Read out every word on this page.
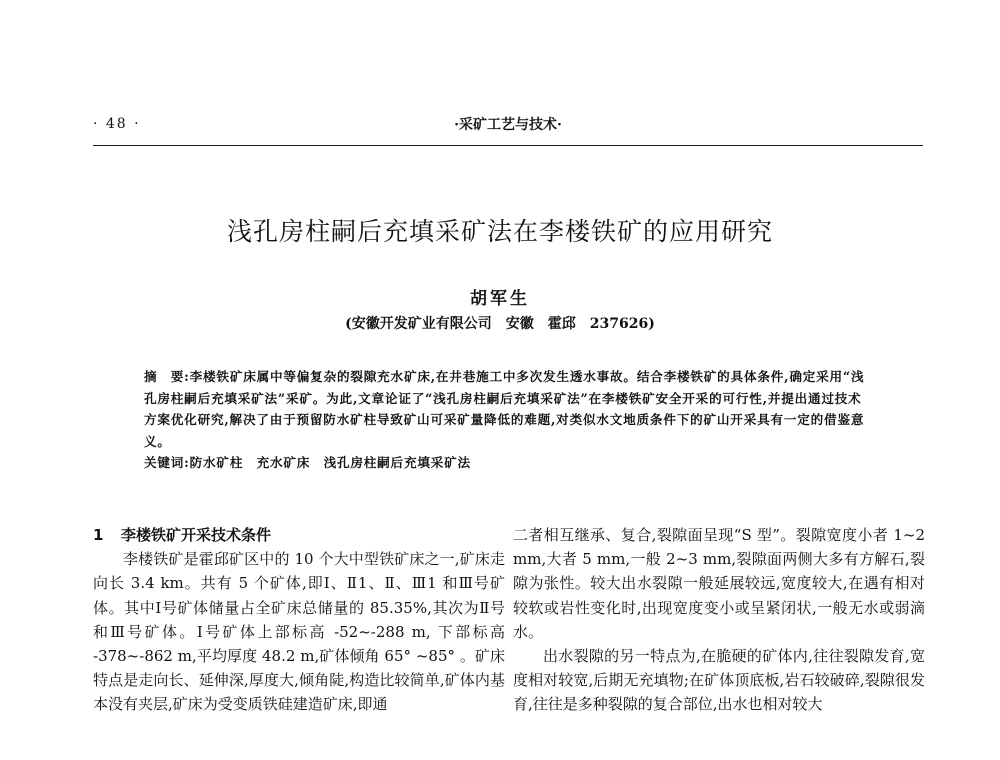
· 48 ·	·采矿工艺与技术·
浅孔房柱嗣后充填采矿法在李楼铁矿的应用研究
胡军生
(安徽开发矿业有限公司　安徽　霍邱　237626)
摘　要:李楼铁矿床属中等偏复杂的裂隙充水矿床,在井巷施工中多次发生透水事故。结合李楼铁矿的具体条件,确定采用“浅孔房柱嗣后充填采矿法”采矿。为此,文章论证了“浅孔房柱嗣后充填采矿法”在李楼铁矿安全开采的可行性,并提出通过技术方案优化研究,解决了由于预留防水矿柱导致矿山可采矿量降低的难题,对类似水文地质条件下的矿山开采具有一定的借鉴意义。
关键词:防水矿柱　充水矿床　浅孔房柱嗣后充填采矿法
1 李楼铁矿开采技术条件

李楼铁矿是霍邱矿区中的 10 个大中型铁矿床之一,矿床走向长 3.4 km。共有 5 个矿体,即Ⅰ、Ⅱ1、Ⅱ、Ⅲ1 和Ⅲ号矿体。其中Ⅰ号矿体储量占全矿床总储量的 85.35%,其次为Ⅱ号和Ⅲ号矿体。Ⅰ号矿体上部标高 -52~-288 m, 下部标高 -378~-862 m,平均厚度 48.2 m,矿体倾角 65° ~85° 。矿床特点是走向长、延伸深,厚度大,倾角陡,构造比较简单,矿体内基本没有夹层,矿床为受变质铁硅建造矿床,即通

二者相互继承、复合,裂隙面呈现“S 型”。裂隙宽度小者 1~2 mm,大者 5 mm,一般 2~3 mm,裂隙面两侧大多有方解石,裂隙为张性。较大出水裂隙一般延展较远,宽度较大,在遇有相对较软或岩性变化时,出现宽度变小或呈紧闭状,一般无水或弱滴水。

出水裂隙的另一特点为,在脆硬的矿体内,往往裂隙发育,宽度相对较宽,后期无充填物;在矿体顶底板,岩石较破碎,裂隙很发育,往往是多种裂隙的复合部位,出水也相对较大
